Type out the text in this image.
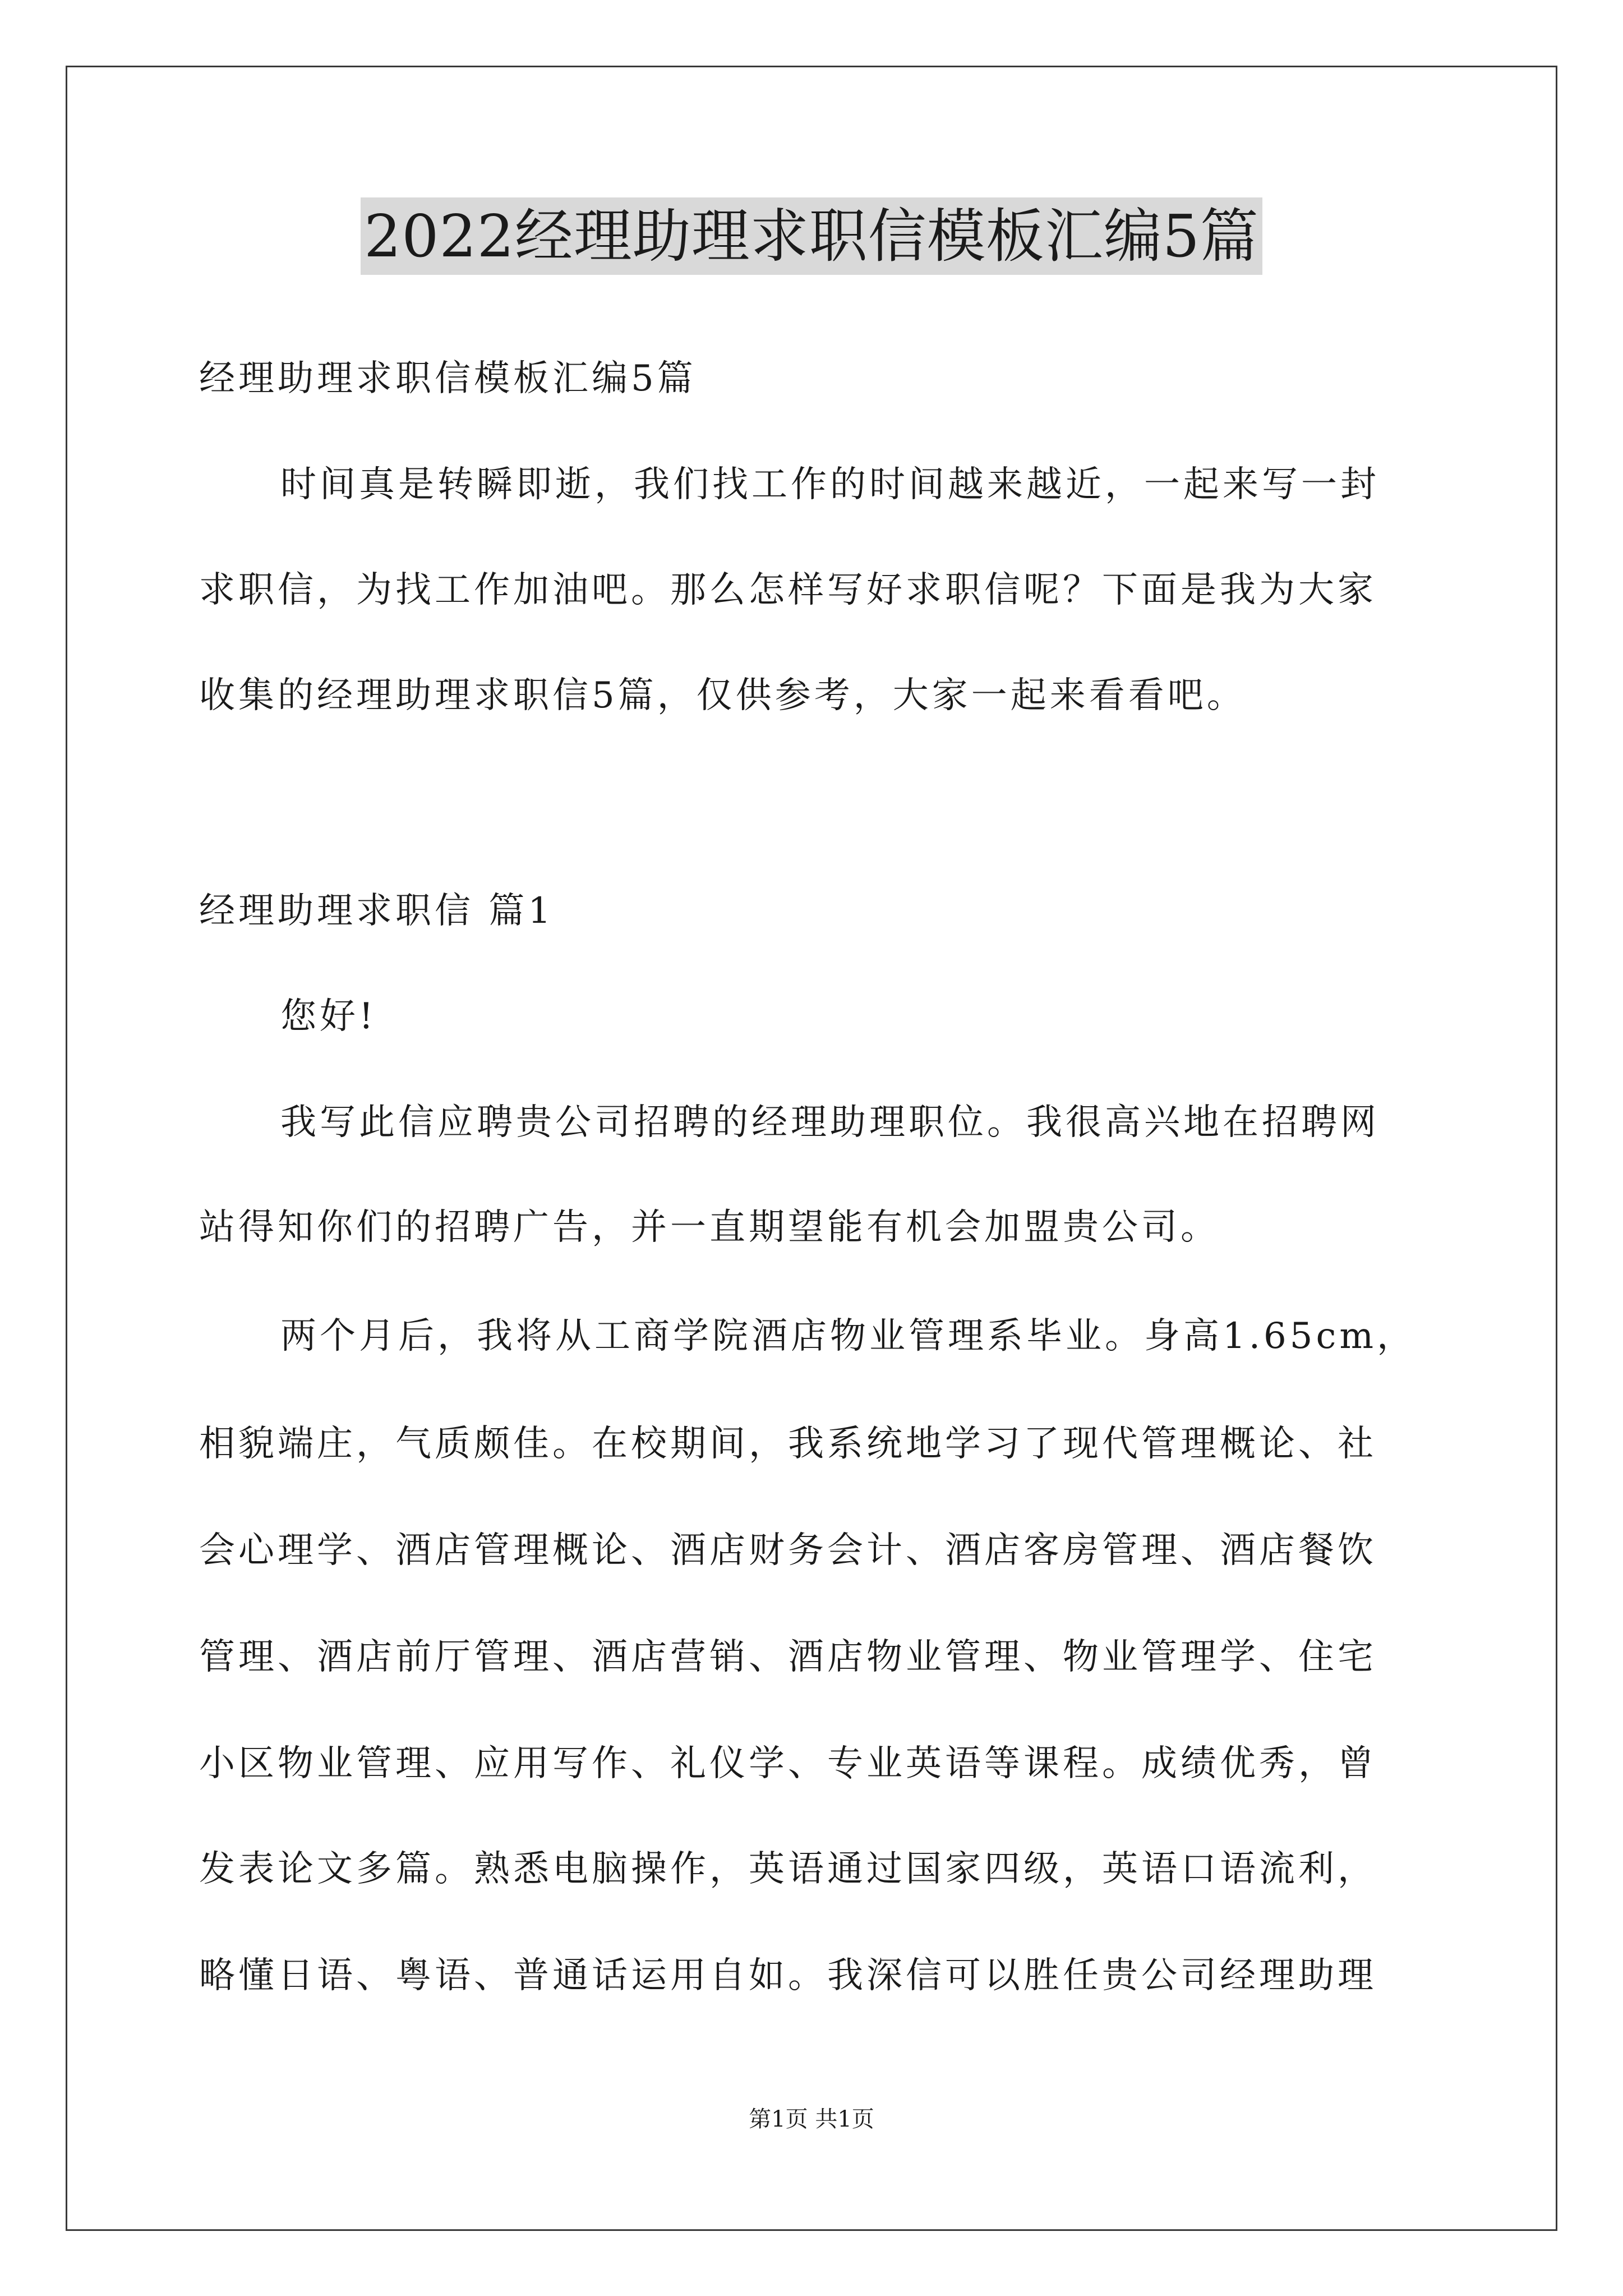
2022经理助理求职信模板汇编5篇
经理助理求职信模板汇编5篇
时间真是转瞬即逝，我们找工作的时间越来越近，一起来写一封
求职信，为找工作加油吧。那么怎样写好求职信呢？下面是我为大家
收集的经理助理求职信5篇，仅供参考，大家一起来看看吧。
经理助理求职信 篇1
您好!
我写此信应聘贵公司招聘的经理助理职位。我很高兴地在招聘网
站得知你们的招聘广告，并一直期望能有机会加盟贵公司。
两个月后，我将从工商学院酒店物业管理系毕业。身高1.65cm，
相貌端庄，气质颇佳。在校期间，我系统地学习了现代管理概论、社
会心理学、酒店管理概论、酒店财务会计、酒店客房管理、酒店餐饮
管理、酒店前厅管理、酒店营销、酒店物业管理、物业管理学、住宅
小区物业管理、应用写作、礼仪学、专业英语等课程。成绩优秀，曾
发表论文多篇。熟悉电脑操作，英语通过国家四级，英语口语流利，
略懂日语、粤语、普通话运用自如。我深信可以胜任贵公司经理助理
第1页 共1页
